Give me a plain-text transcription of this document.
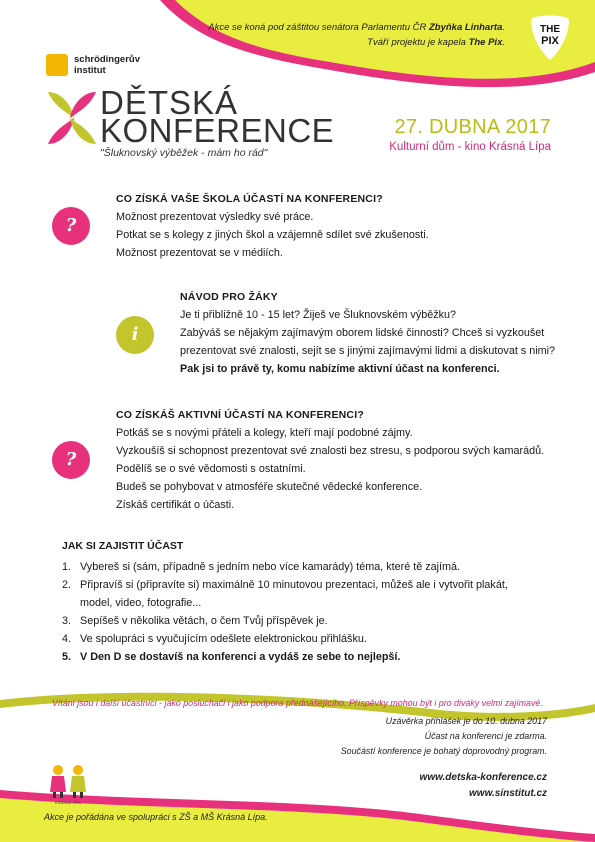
Akce se koná pod záštitou senátora Parlamentu ČR Zbyňka Linharta.
Tváří projektu je kapela The Pix.
THE
PIX
schrödingerův
institut
DĚTSKÁ
KONFERENCE
"Šluknovský výběžek - mám ho rád"
27. DUBNA 2017
Kulturní dům - kino Krásná Lípa
?
CO ZÍSKÁ VAŠE ŠKOLA ÚČASTÍ NA KONFERENCI?
Možnost prezentovat výsledky své práce.
Potkat se s kolegy z jiných škol a vzájemně sdílet své zkušenosti.
Možnost prezentovat se v médiích.
i
NÁVOD PRO ŽÁKY
Je ti přibližně 10 - 15 let? Žiješ ve Šluknovském výběžku?
Zabýváš se nějakým zajímavým oborem lidské činnosti? Chceš si vyzkoušet
prezentovat své znalosti, sejít se s jinými zajímavými lidmi a diskutovat s nimi?
Pak jsi to právě ty, komu nabízíme aktivní účast na konferenci.
?
CO ZÍSKÁŠ AKTIVNÍ ÚČASTÍ NA KONFERENCI?
Potkáš se s novými přáteli a kolegy, kteří mají podobné zájmy.
Vyzkoušíš si schopnost prezentovat své znalosti bez stresu, s podporou svých kamarádů.
Podělíš se o své vědomosti s ostatními.
Budeš se pohybovat v atmosféře skutečné vědecké konference.
Získáš certifikát o účasti.
JAK SI ZAJISTIT ÚČAST
1. Vybereš si (sám, případně s jedním nebo více kamarády) téma, které tě zajímá.
2. Připravíš si (připravíte si) maximálně 10 minutovou prezentaci, můžeš ale i vytvořit plakát,
model, video, fotografie...
3. Sepíšeš v několika větách, o čem Tvůj příspěvek je.
4. Ve spolupráci s vyučujícím odešlete elektronickou přihlášku.
5. V Den D se dostavíš na konferenci a vydáš ze sebe to nejlepší.
Vítáni jsou i další účastníci - jako posluchači i jako podpora přednášejícího. Příspěvky mohou být i pro diváky velmi zajímavé.
Uzávěrka přihlášek je do 10. dubna 2017
Účast na konferenci je zdarma.
Součástí konference je bohatý doprovodný program.
www.detska-konference.cz
www.sinstitut.cz
KRÁSNÁ LÍPA
Akce je pořádána ve spolupráci s ZŠ a MŠ Krásná Lípa.
